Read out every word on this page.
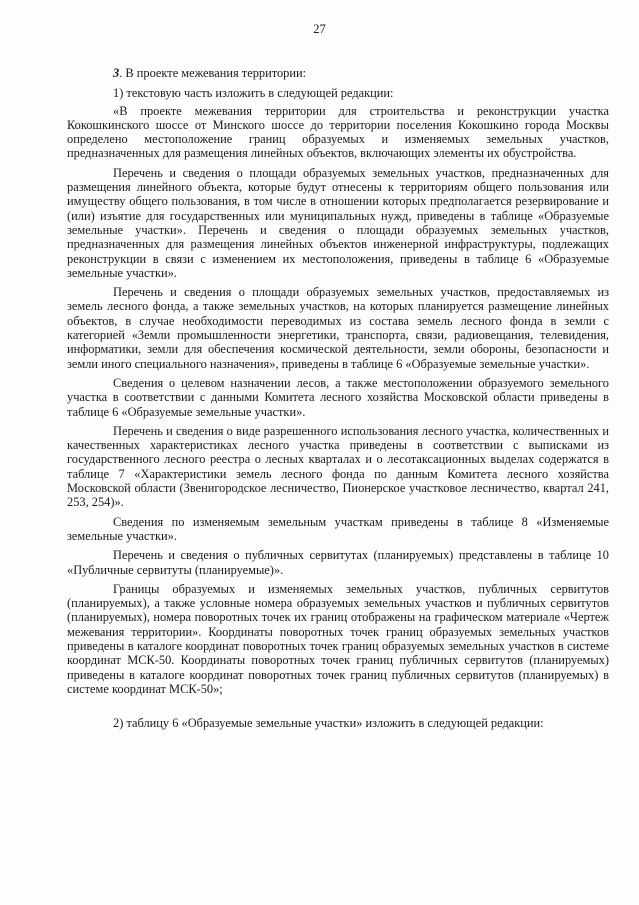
27

3. В проекте межевания территории:

1) текстовую часть изложить в следующей редакции:

«В проекте межевания территории для строительства и реконструкции участка Кокошкинского шоссе от Минского шоссе до территории поселения Кокошкино города Москвы определено местоположение границ образуемых и изменяемых земельных участков, предназначенных для размещения линейных объектов, включающих элементы их обустройства.

Перечень и сведения о площади образуемых земельных участков, предназначенных для размещения линейного объекта, которые будут отнесены к территориям общего пользования или имуществу общего пользования, в том числе в отношении которых предполагается резервирование и (или) изъятие для государственных или муниципальных нужд, приведены в таблице «Образуемые земельные участки». Перечень и сведения о площади образуемых земельных участков, предназначенных для размещения линейных объектов инженерной инфраструктуры, подлежащих реконструкции в связи с изменением их местоположения, приведены в таблице 6 «Образуемые земельные участки».

Перечень и сведения о площади образуемых земельных участков, предоставляемых из земель лесного фонда, а также земельных участков, на которых планируется размещение линейных объектов, в случае необходимости переводимых из состава земель лесного фонда в земли с категорией «Земли промышленности энергетики, транспорта, связи, радиовещания, телевидения, информатики, земли для обеспечения космической деятельности, земли обороны, безопасности и земли иного специального назначения», приведены в таблице 6 «Образуемые земельные участки».

Сведения о целевом назначении лесов, а также местоположении образуемого земельного участка в соответствии с данными Комитета лесного хозяйства Московской области приведены в таблице 6 «Образуемые земельные участки».

Перечень и сведения о виде разрешенного использования лесного участка, количественных и качественных характеристиках лесного участка приведены в соответствии с выписками из государственного лесного реестра о лесных кварталах и о лесотаксационных выделах содержатся в таблице 7 «Характеристики земель лесного фонда по данным Комитета лесного хозяйства Московской области (Звенигородское лесничество, Пионерское участковое лесничество, квартал 241, 253, 254)».

Сведения по изменяемым земельным участкам приведены в таблице 8 «Изменяемые земельные участки».

Перечень и сведения о публичных сервитутах (планируемых) представлены в таблице 10 «Публичные сервитуты (планируемые)».

Границы образуемых и изменяемых земельных участков, публичных сервитутов (планируемых), а также условные номера образуемых земельных участков и публичных сервитутов (планируемых), номера поворотных точек их границ отображены на графическом материале «Чертеж межевания территории». Координаты поворотных точек границ образуемых земельных участков приведены в каталоге координат поворотных точек границ образуемых земельных участков в системе координат МСК-50. Координаты поворотных точек границ публичных сервитутов (планируемых) приведены в каталоге координат поворотных точек границ публичных сервитутов (планируемых) в системе координат МСК-50»;

2) таблицу 6 «Образуемые земельные участки» изложить в следующей редакции:
